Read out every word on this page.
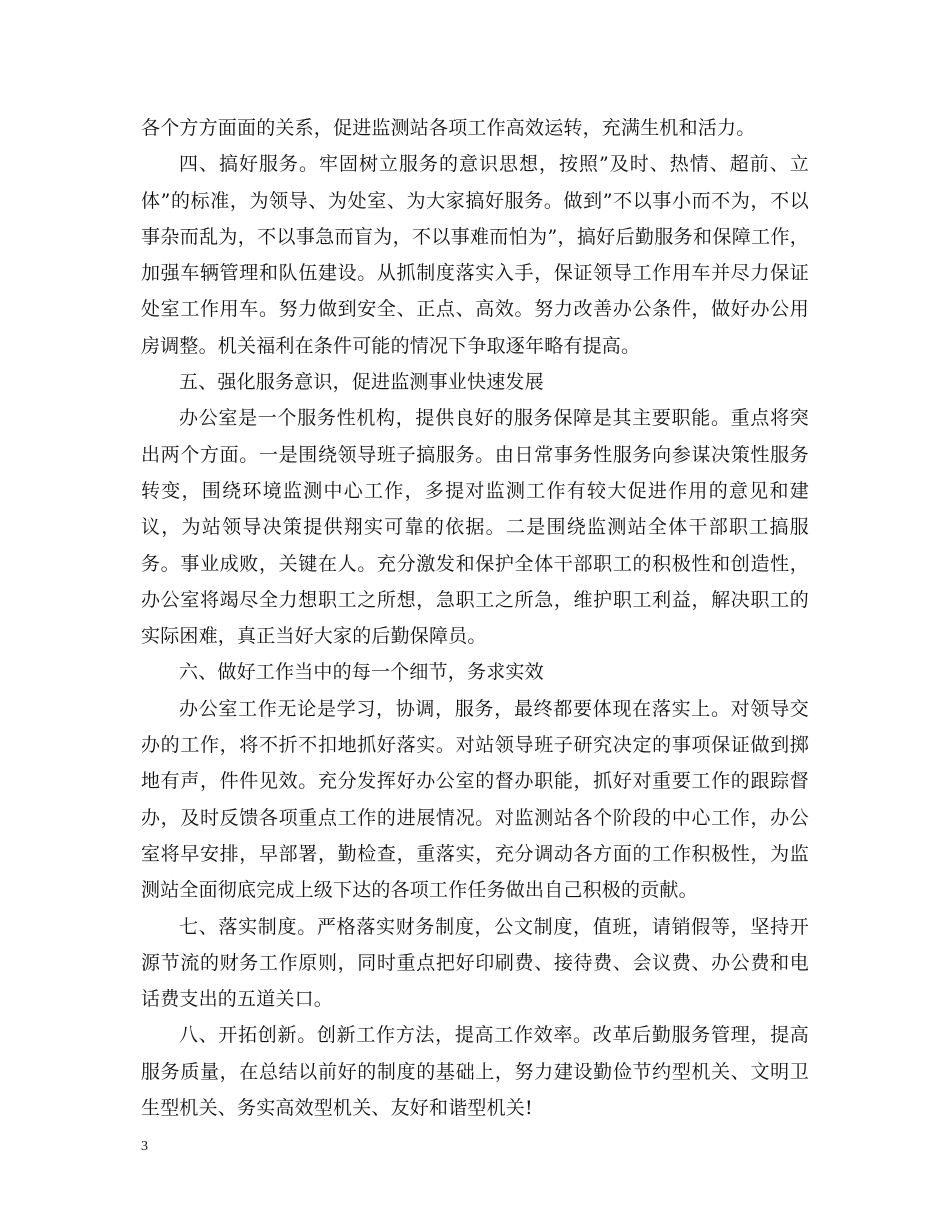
各个方方面面的关系，促进监测站各项工作高效运转，充满生机和活力。

四、搞好服务。牢固树立服务的意识思想，按照”及时、热情、超前、立体”的标准，为领导、为处室、为大家搞好服务。做到”不以事小而不为，不以事杂而乱为，不以事急而盲为，不以事难而怕为”，搞好后勤服务和保障工作，加强车辆管理和队伍建设。从抓制度落实入手，保证领导工作用车并尽力保证处室工作用车。努力做到安全、正点、高效。努力改善办公条件，做好办公用房调整。机关福利在条件可能的情况下争取逐年略有提高。

五、强化服务意识，促进监测事业快速发展

办公室是一个服务性机构，提供良好的服务保障是其主要职能。重点将突出两个方面。一是围绕领导班子搞服务。由日常事务性服务向参谋决策性服务转变，围绕环境监测中心工作，多提对监测工作有较大促进作用的意见和建议，为站领导决策提供翔实可靠的依据。二是围绕监测站全体干部职工搞服务。事业成败，关键在人。充分激发和保护全体干部职工的积极性和创造性，办公室将竭尽全力想职工之所想，急职工之所急，维护职工利益，解决职工的实际困难，真正当好大家的后勤保障员。

六、做好工作当中的每一个细节，务求实效

办公室工作无论是学习，协调，服务，最终都要体现在落实上。对领导交办的工作，将不折不扣地抓好落实。对站领导班子研究决定的事项保证做到掷地有声，件件见效。充分发挥好办公室的督办职能，抓好对重要工作的跟踪督办，及时反馈各项重点工作的进展情况。对监测站各个阶段的中心工作，办公室将早安排，早部署，勤检查，重落实，充分调动各方面的工作积极性，为监测站全面彻底完成上级下达的各项工作任务做出自己积极的贡献。

七、落实制度。严格落实财务制度，公文制度，值班，请销假等，坚持开源节流的财务工作原则，同时重点把好印刷费、接待费、会议费、办公费和电话费支出的五道关口。

八、开拓创新。创新工作方法，提高工作效率。改革后勤服务管理，提高服务质量，在总结以前好的制度的基础上，努力建设勤俭节约型机关、文明卫生型机关、务实高效型机关、友好和谐型机关!

3
